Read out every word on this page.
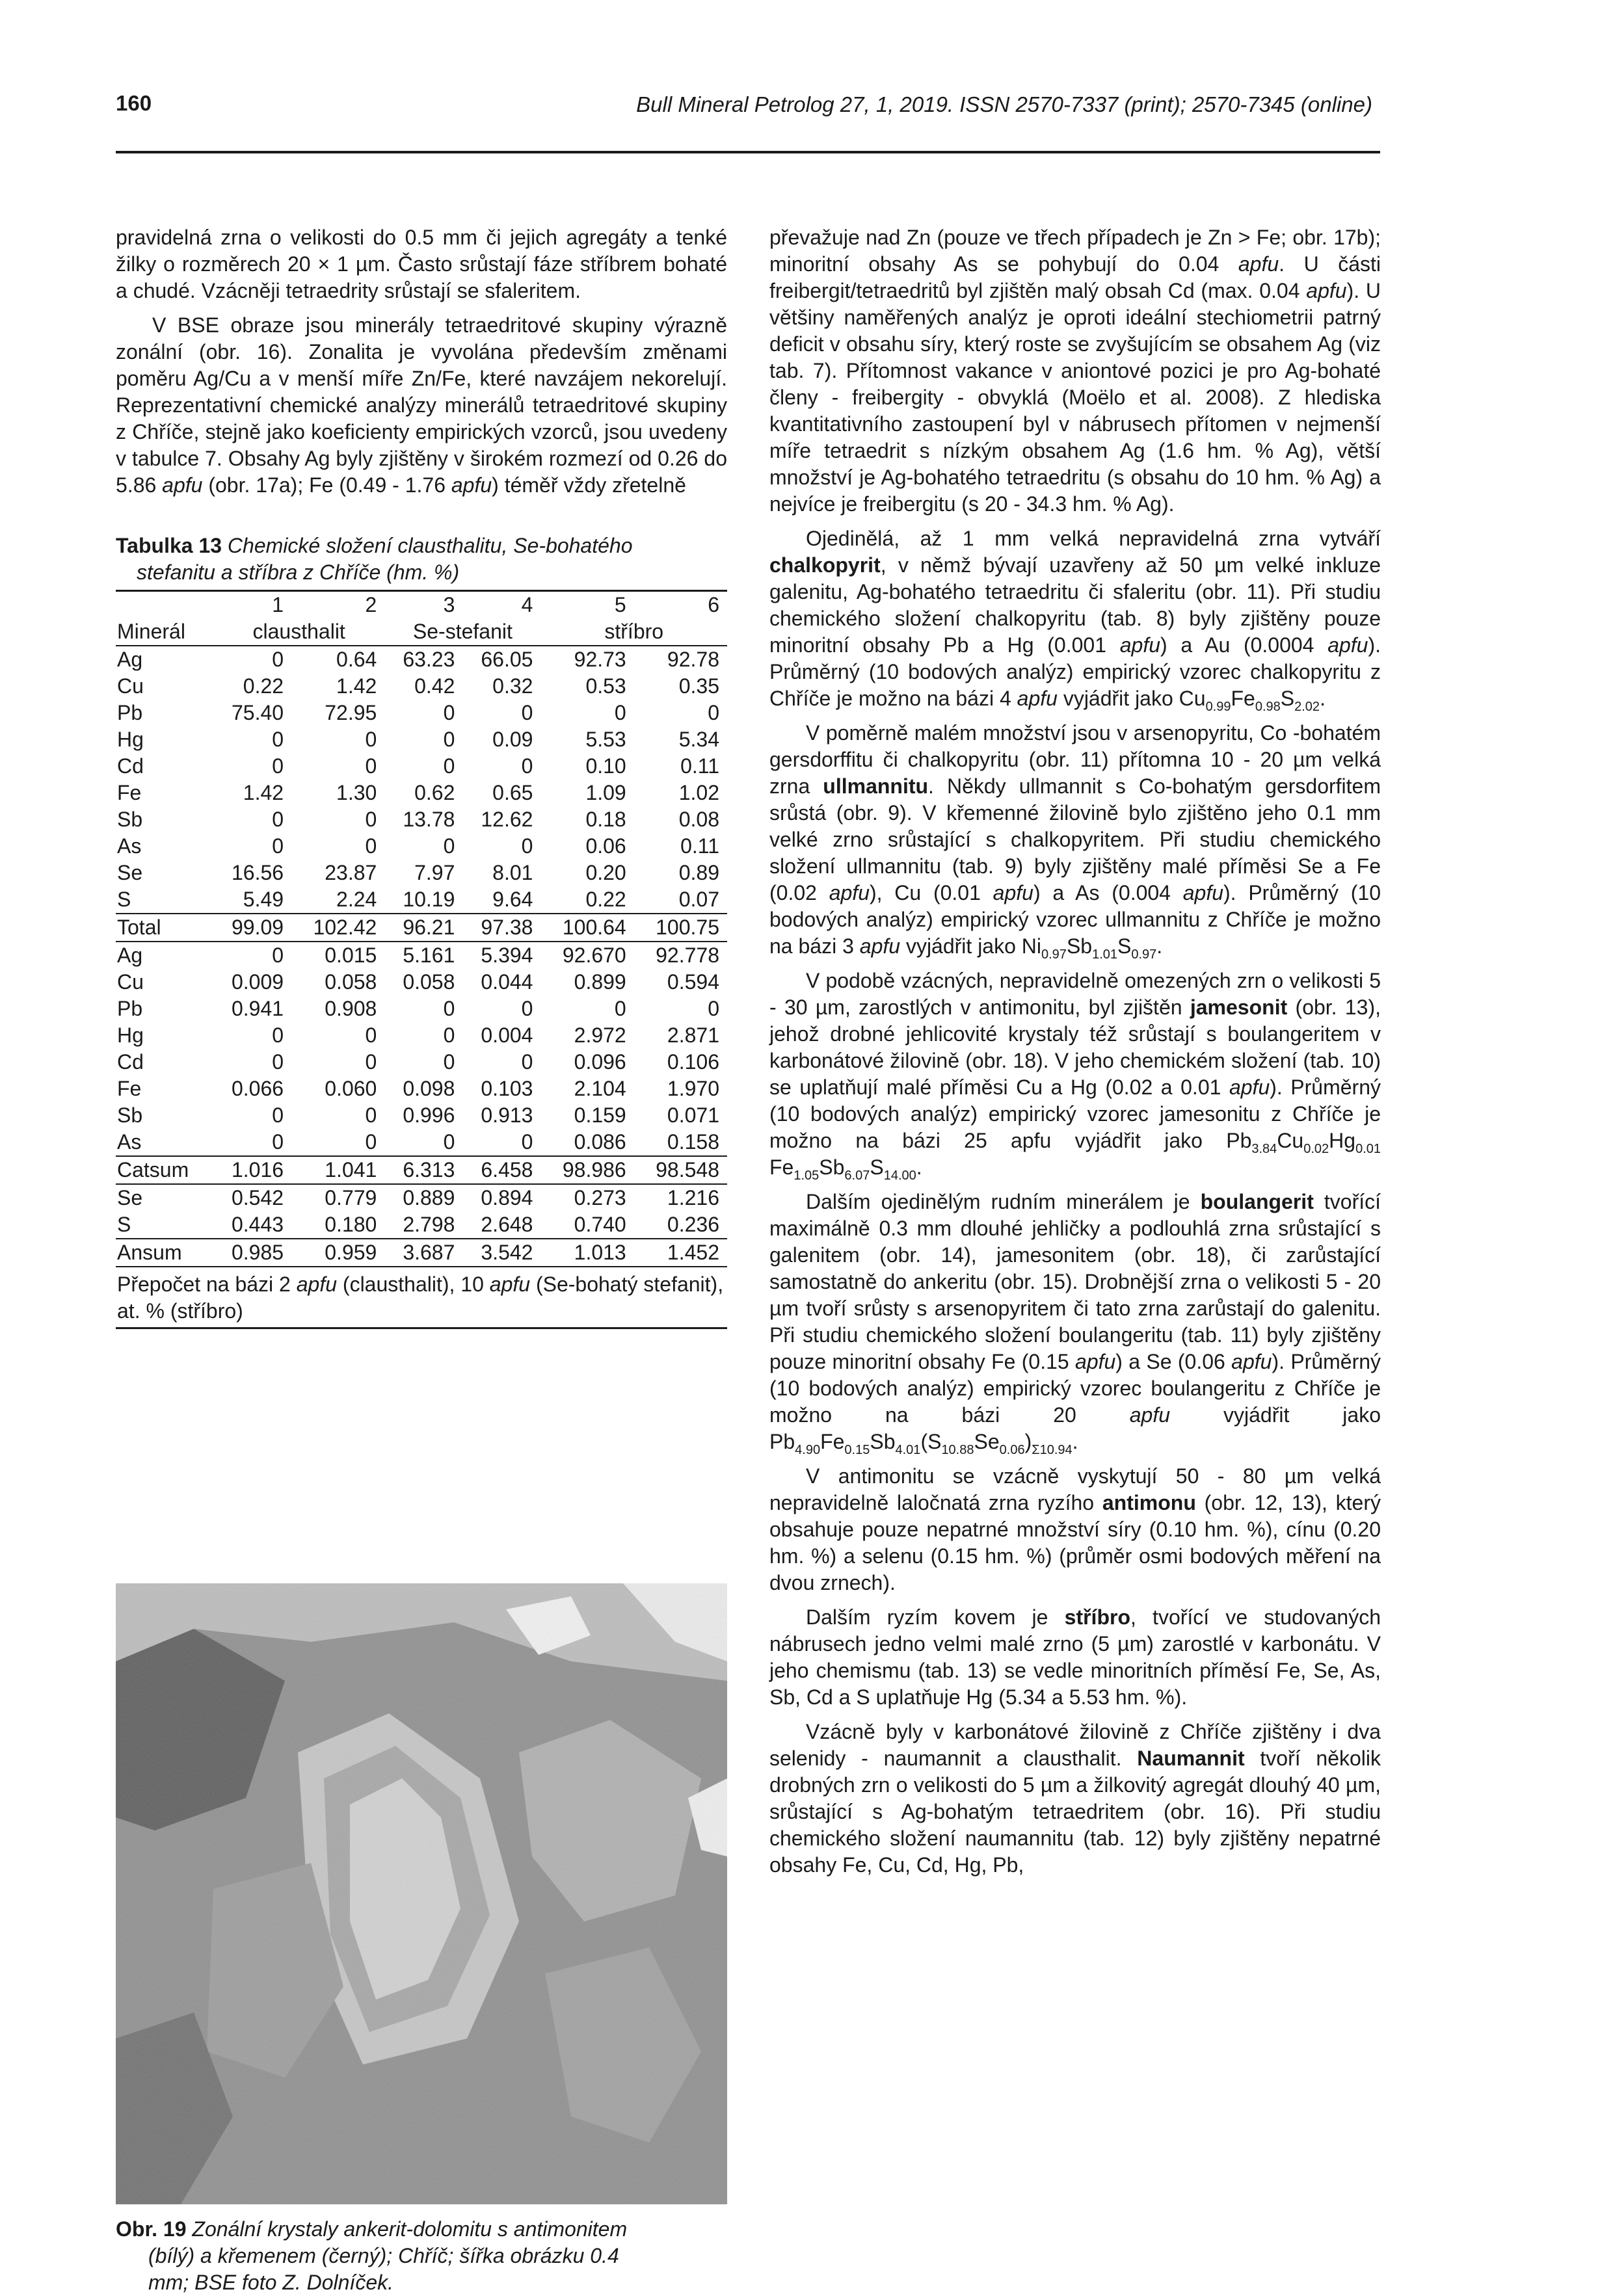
160	Bull Mineral Petrolog 27, 1, 2019. ISSN 2570-7337 (print); 2570-7345 (online)

pravidelná zrna o velikosti do 0.5 mm či jejich agregáty a tenké žilky o rozměrech 20 × 1 µm. Často srůstají fáze stříbrem bohaté a chudé. Vzácněji tetraedrity srůstají se sfaleritem.

V BSE obraze jsou minerály tetraedritové skupiny výrazně zonální (obr. 16). Zonalita je vyvolána především změnami poměru Ag/Cu a v menší míře Zn/Fe, které navzájem nekorelují. Reprezentativní chemické analýzy minerálů tetraedritové skupiny z Chříče, stejně jako koeficienty empirických vzorců, jsou uvedeny v tabulce 7. Obsahy Ag byly zjištěny v širokém rozmezí od 0.26 do 5.86 apfu (obr. 17a); Fe (0.49 - 1.76 apfu) téměř vždy zřetelně

Tabulka 13 Chemické složení clausthalitu, Se-bohatého
stefanitu a stříbra z Chříče (hm. %)
	1	2	3	4	5	6
Minerál	clausthalit		Se-stefanit		stříbro	
Ag	0	0.64	63.23	66.05	92.73	92.78
Cu	0.22	1.42	0.42	0.32	0.53	0.35
Pb	75.40	72.95	0	0	0	0
Hg	0	0	0	0.09	5.53	5.34
Cd	0	0	0	0	0.10	0.11
Fe	1.42	1.30	0.62	0.65	1.09	1.02
Sb	0	0	13.78	12.62	0.18	0.08
As	0	0	0	0	0.06	0.11
Se	16.56	23.87	7.97	8.01	0.20	0.89
S	5.49	2.24	10.19	9.64	0.22	0.07
Total	99.09	102.42	96.21	97.38	100.64	100.75
Ag	0	0.015	5.161	5.394	92.670	92.778
Cu	0.009	0.058	0.058	0.044	0.899	0.594
Pb	0.941	0.908	0	0	0	0
Hg	0	0	0	0.004	2.972	2.871
Cd	0	0	0	0	0.096	0.106
Fe	0.066	0.060	0.098	0.103	2.104	1.970
Sb	0	0	0.996	0.913	0.159	0.071
As	0	0	0	0	0.086	0.158
Catsum	1.016	1.041	6.313	6.458	98.986	98.548
Se	0.542	0.779	0.889	0.894	0.273	1.216
S	0.443	0.180	2.798	2.648	0.740	0.236
Ansum	0.985	0.959	3.687	3.542	1.013	1.452
Přepočet na bázi 2 apfu (clausthalit), 10 apfu (Se-bohatý stefanit), at. % (stříbro)
Obr. 19 Zonální krystaly ankerit-dolomitu s antimonitem
(bílý) a křemenem (černý); Chříč; šířka obrázku 0.4
mm; BSE foto Z. Dolníček.

převažuje nad Zn (pouze ve třech případech je Zn > Fe; obr. 17b); minoritní obsahy As se pohybují do 0.04 apfu. U části freibergit/tetraedritů byl zjištěn malý obsah Cd (max. 0.04 apfu). U většiny naměřených analýz je oproti ideální stechiometrii patrný deficit v obsahu síry, který roste se zvyšujícím se obsahem Ag (viz tab. 7). Přítomnost vakance v aniontové pozici je pro Ag-bohaté členy - freibergity - obvyklá (Moëlo et al. 2008). Z hlediska kvantitativního zastoupení byl v nábrusech přítomen v nejmenší míře tetraedrit s nízkým obsahem Ag (1.6 hm. % Ag), větší množství je Ag-bohatého tetraedritu (s obsahu do 10 hm. % Ag) a nejvíce je freibergitu (s 20 - 34.3 hm. % Ag).

Ojedinělá, až 1 mm velká nepravidelná zrna vytváří chalkopyrit, v němž bývají uzavřeny až 50 µm velké inkluze galenitu, Ag-bohatého tetraedritu či sfaleritu (obr. 11). Při studiu chemického složení chalkopyritu (tab. 8) byly zjištěny pouze minoritní obsahy Pb a Hg (0.001 apfu) a Au (0.0004 apfu). Průměrný (10 bodových analýz) empirický vzorec chalkopyritu z Chříče je možno na bázi 4 apfu vyjádřit jako $Cu_{0.99}Fe_{0.98}S_{2.02}$.

V poměrně malém množství jsou v arsenopyritu, Co -bohatém gersdorffitu či chalkopyritu (obr. 11) přítomna 10 - 20 µm velká zrna ullmannitu. Někdy ullmannit s Co-bohatým gersdorfitem srůstá (obr. 9). V křemenné žilovině bylo zjištěno jeho 0.1 mm velké zrno srůstající s chalkopyritem. Při studiu chemického složení ullmannitu (tab. 9) byly zjištěny malé příměsi Se a Fe (0.02 apfu), Cu (0.01 apfu) a As (0.004 apfu). Průměrný (10 bodových analýz) empirický vzorec ullmannitu z Chříče je možno na bázi 3 apfu vyjádřit jako $Ni_{0.97}Sb_{1.01}S_{0.97}$.

V podobě vzácných, nepravidelně omezených zrn o velikosti 5 - 30 µm, zarostlých v antimonitu, byl zjištěn jamesonit (obr. 13), jehož drobné jehlicovité krystaly též srůstají s boulangeritem v karbonátové žilovině (obr. 18). V jeho chemickém složení (tab. 10) se uplatňují malé příměsi Cu a Hg (0.02 a 0.01 apfu). Průměrný (10 bodových analýz) empirický vzorec jamesonitu z Chříče je možno na bázi 25 apfu vyjádřit jako $Pb_{3.84}Cu_{0.02}Hg_{0.01}$ $Fe_{1.05}Sb_{6.07}S_{14.00}$.

Dalším ojedinělým rudním minerálem je boulangerit tvořící maximálně 0.3 mm dlouhé jehličky a podlouhlá zrna srůstající s galenitem (obr. 14), jamesonitem (obr. 18), či zarůstající samostatně do ankeritu (obr. 15). Drobnější zrna o velikosti 5 - 20 µm tvoří srůsty s arsenopyritem či tato zrna zarůstají do galenitu. Při studiu chemického složení boulangeritu (tab. 11) byly zjištěny pouze minoritní obsahy Fe (0.15 apfu) a Se (0.06 apfu). Průměrný (10 bodových analýz) empirický vzorec boulangeritu z Chříče je možno na bázi 20 apfu vyjádřit jako $Pb_{4.90}Fe_{0.15}Sb_{4.01}(S_{10.88}Se_{0.06})_{\Sigma 10.94}$.

V antimonitu se vzácně vyskytují 50 - 80 µm velká nepravidelně laločnatá zrna ryzího antimonu (obr. 12, 13), který obsahuje pouze nepatrné množství síry (0.10 hm. %), cínu (0.20 hm. %) a selenu (0.15 hm. %) (průměr osmi bodových měření na dvou zrnech).

Dalším ryzím kovem je stříbro, tvořící ve studovaných nábrusech jedno velmi malé zrno (5 µm) zarostlé v karbonátu. V jeho chemismu (tab. 13) se vedle minoritních příměsí Fe, Se, As, Sb, Cd a S uplatňuje Hg (5.34 a 5.53 hm. %).

Vzácně byly v karbonátové žilovině z Chříče zjištěny i dva selenidy - naumannit a clausthalit. Naumannit tvoří několik drobných zrn o velikosti do 5 µm a žilkovitý agregát dlouhý 40 µm, srůstající s Ag-bohatým tetraedritem (obr. 16). Při studiu chemického složení naumannitu (tab. 12) byly zjištěny nepatrné obsahy Fe, Cu, Cd, Hg, Pb,
